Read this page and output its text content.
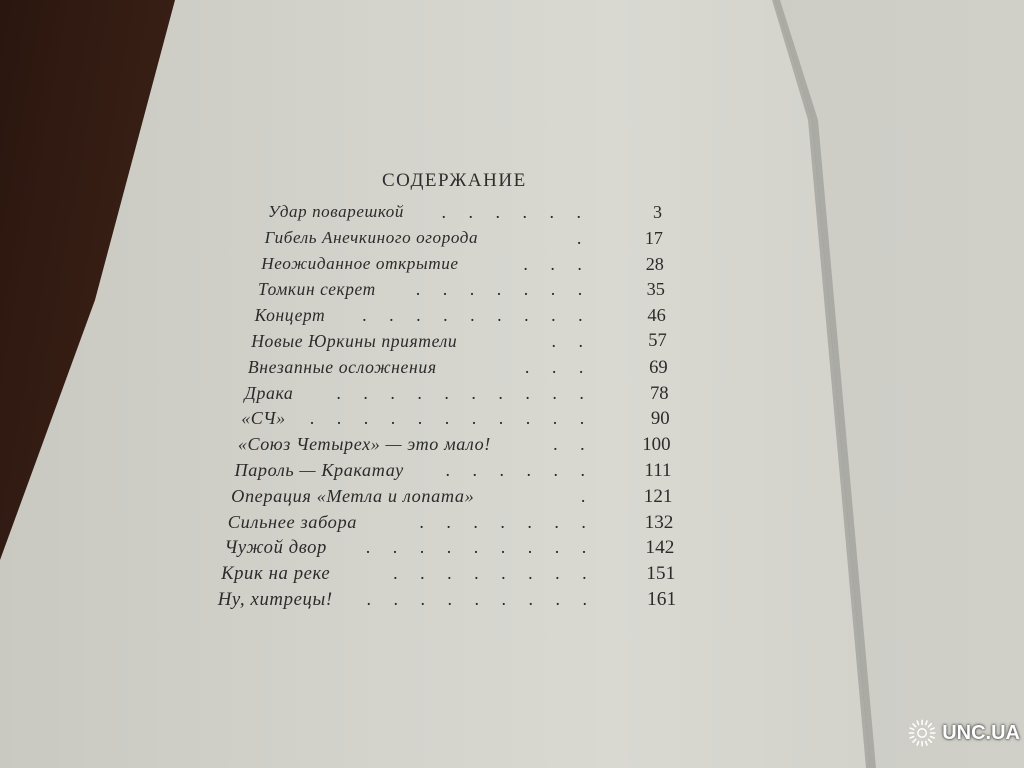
СОДЕРЖАНИЕ
Удар поварешкой . . . . . .	3
Гибель Анечкиного огорода	.	17
Неожиданное открытие	. . .	28
Томкин секрет . . . . . . .	35
Концерт . . . . . . . . .	46
Новые Юркины приятели	. .	57
Внезапные осложнения	. . .	69
Драка . . . . . . . . . .	78
«СЧ» . . . . . . . . . . .	90
«Союз Четырех» — это мало!	. .	100
Пароль — Кракатау . . . . . .	111
Операция «Метла и лопата»	.	121
Сильнее забора	. . . . . . .	132
Чужой двор . . . . . . . . .	142
Крик на реке	. . . . . . . .	151
Ну, хитрецы! . . . . . . . . .	161
UNC.UA
